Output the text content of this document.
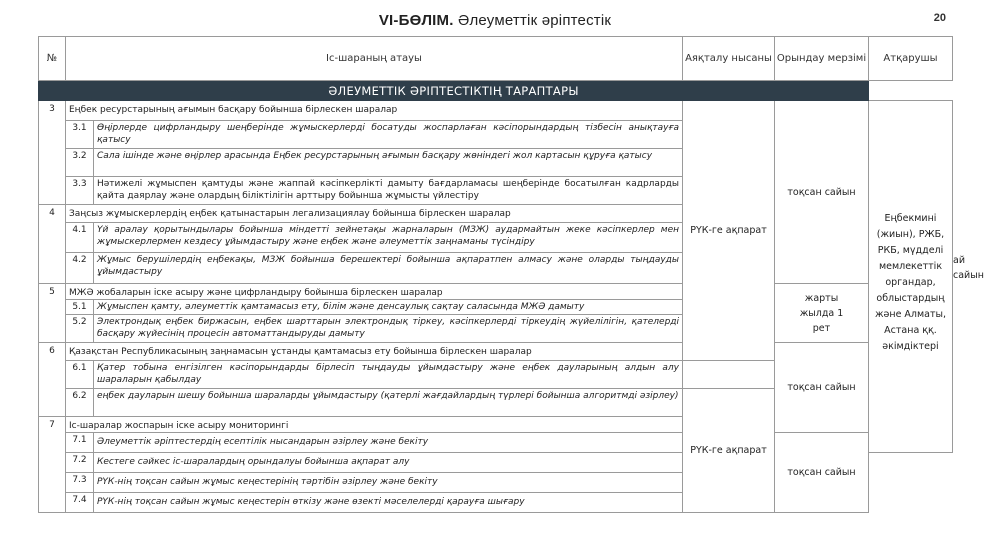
VI-БӨЛІМ. Әлеуметтік әріптестік	20
№	Іс-шараның атауы		Аяқталу нысаны	Орындау мерзімі	Атқарушы	
ӘЛЕУМЕТТІК ӘРІПТЕСТІКТІҢ ТАРАПТАРЫ						
3	Еңбек ресурстарының ағымын басқару бойынша бірлескен шаралар		РҮК-ге ақпарат	тоқсан сайын	Еңбекмині (жиын), РЖБ, РКБ, мүдделі мемлекеттік органдар, облыстардың және Алматы, Астана ққ. әкімдіктері	
	3.1	Өңірлерде цифрландыру шеңберінде жұмыскерлерді босатуды жоспарлаған кәсіпорындардың тізбесін анықтауға қатысу				
	3.2	Сала ішінде және өңірлер арасында Еңбек ресурстарының ағымын басқару жөніндегі жол картасын құруға қатысу				
	3.3	Нәтижелі жұмыспен қамтуды және жаппай кәсіпкерлікті дамыту бағдарламасы шеңберінде босатылған кадрларды қайта даярлау және олардың біліктілігін арттыру бойынша жұмысты үйлестіру				
4	Заңсыз жұмыскерлердің еңбек қатынастарын легализациялау бойынша бірлескен шаралар					
	4.1	Үй аралау қорытындылары бойынша міндетті зейнетақы жарналарын (МЗЖ) аудармайтын жеке кәсіпкерлер мен жұмыскерлермен кездесу ұйымдастыру және еңбек және әлеуметтік заңнаманы түсіндіру				
	4.2	Жұмыс берушілердің еңбекақы, МЗЖ бойынша берешектері бойынша ақпаратпен алмасу және оларды тыңдауды ұйымдастыру				ай сайын
5	МЖӘ жобаларын іске асыру және цифрландыру бойынша бірлескен шаралар			жарты жылда 1 рет		
	5.1	Жұмыспен қамту, әлеуметтік қамтамасыз ету, білім және денсаулық сақтау саласында МЖӘ дамыту				
	5.2	Электрондық еңбек биржасын, еңбек шарттарын электрондық тіркеу, кәсіпкерлерді тіркеудің жүйелілігін, қателерді басқару жүйесінің процесін автоматтандыруды дамыту				
6	Қазақстан Республикасының заңнамасын ұстанды қамтамасыз ету бойынша бірлескен шаралар			тоқсан сайын		
	6.1	Қатер тобына енгізілген кәсіпорындарды бірлесіп тыңдауды ұйымдастыру және еңбек дауларының алдын алу шараларын қабылдау				
	6.2	еңбек дауларын шешу бойынша шараларды ұйымдастыру (қатерлі жағдайлардың түрлері бойынша алгоритмді әзірлеу)	РҮК-ге ақпарат			
7	Іс-шаралар жоспарын іске асыру мониторингі					
	7.1	Әлеуметтік әріптестердің есептілік нысандарын әзірлеу және бекіту		тоқсан сайын		
	7.2	Кестеге сәйкес іс-шаралардың орындалуы бойынша ақпарат алу				
	7.3	РҮК-нің тоқсан сайын жұмыс кеңестерінің тәртібін әзірлеу және бекіту				
	7.4	РҮК-нің тоқсан сайын жұмыс кеңестерін өткізу және өзекті мәселелерді қарауға шығару				
